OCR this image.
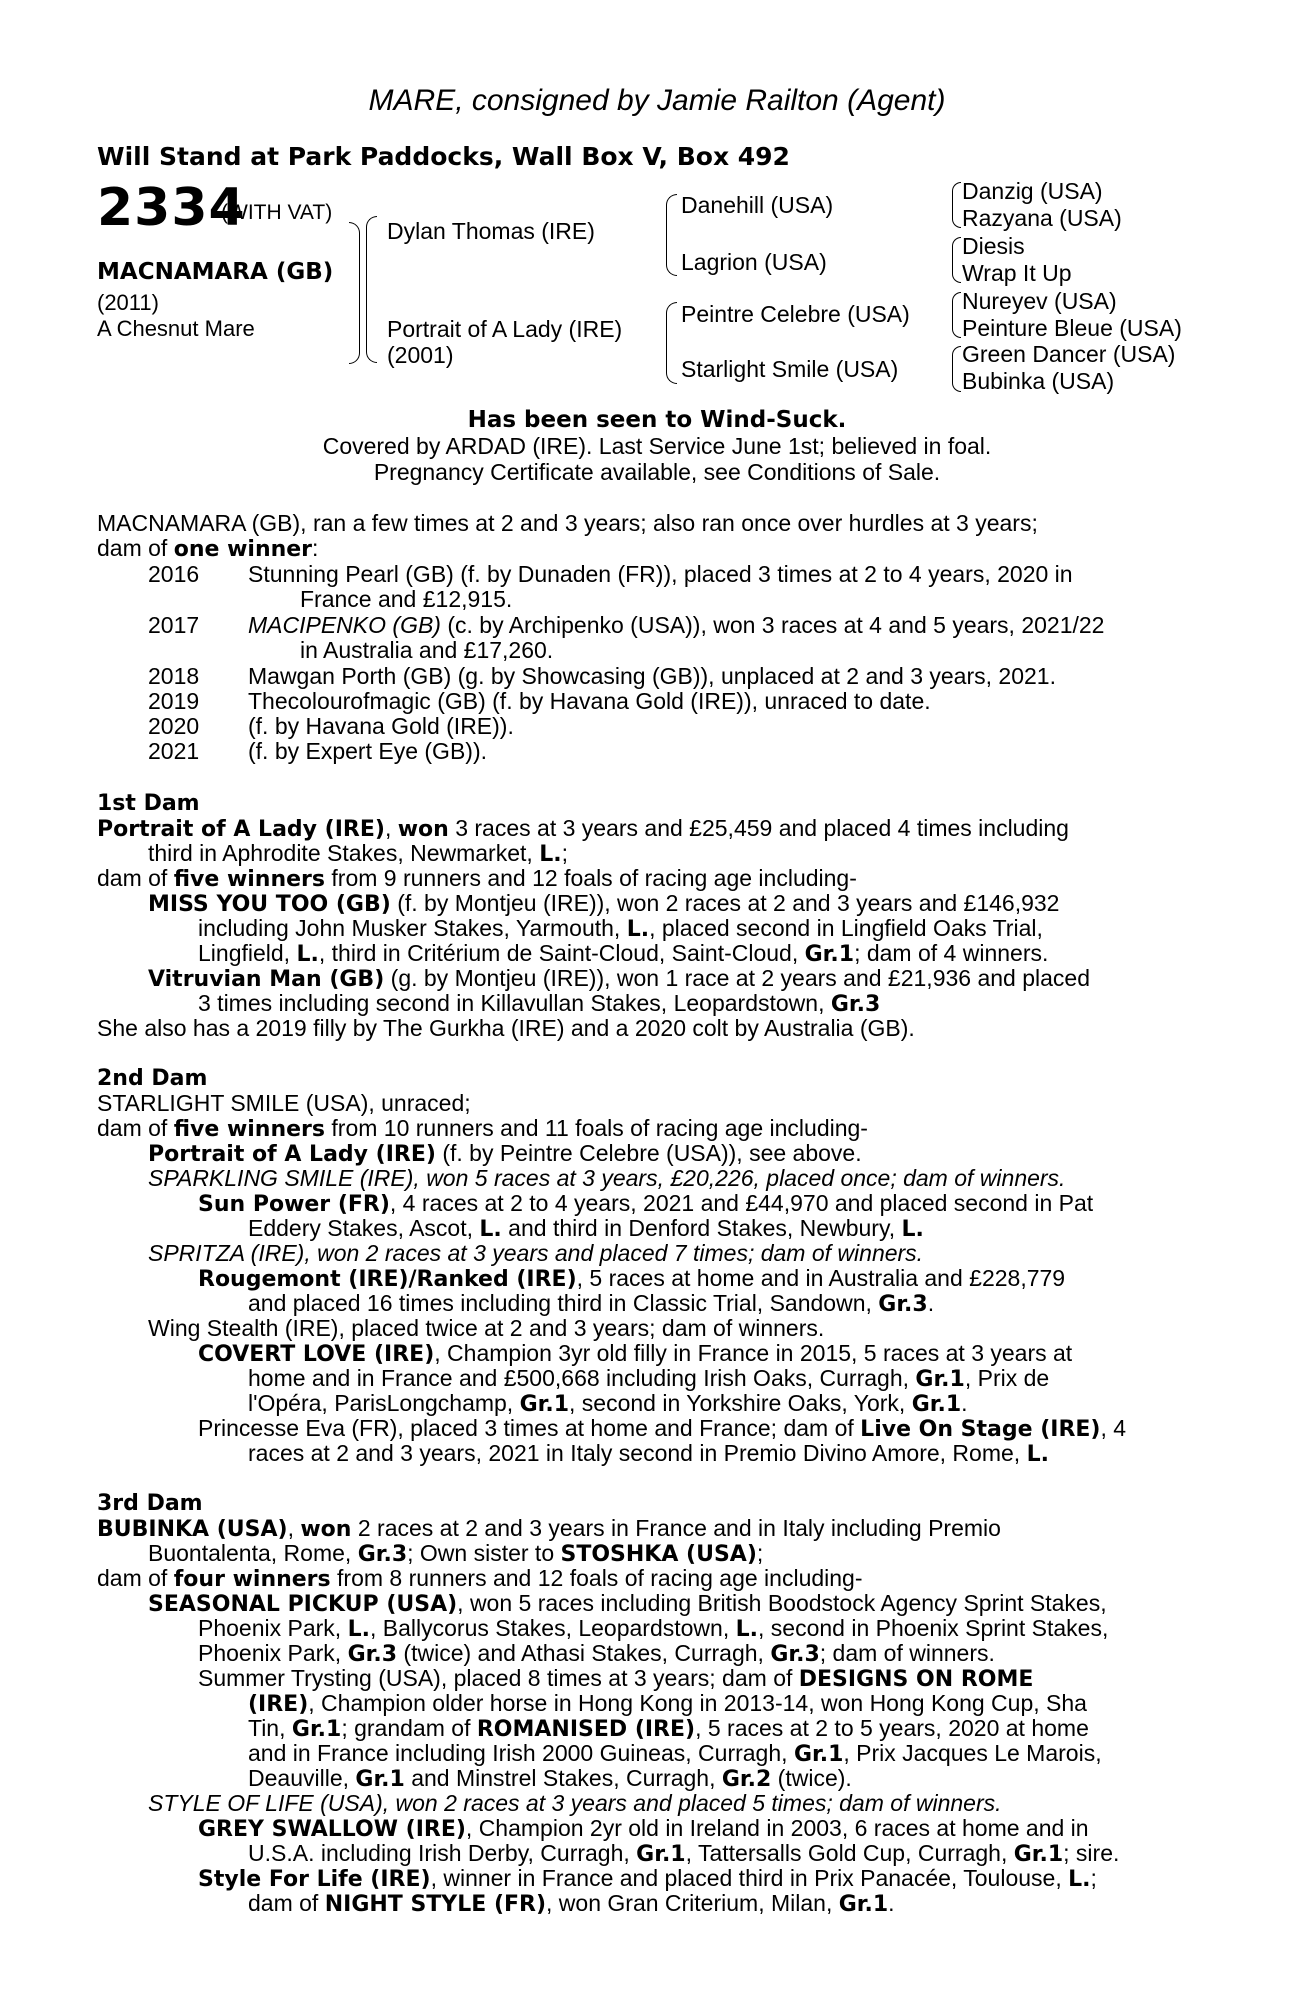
MARE, consigned by Jamie Railton (Agent)
Will Stand at Park Paddocks, Wall Box V, Box 492
2334
(WITH VAT)
MACNAMARA (GB)
(2011)
A Chesnut Mare
Dylan Thomas (IRE)
Portrait of A Lady (IRE)
(2001)
Danehill (USA)
Lagrion (USA)
Peintre Celebre (USA)
Starlight Smile (USA)
Danzig (USA)
Razyana (USA)
Diesis
Wrap It Up
Nureyev (USA)
Peinture Bleue (USA)
Green Dancer (USA)
Bubinka (USA)
Has been seen to Wind-Suck.
Covered by ARDAD (IRE). Last Service June 1st; believed in foal.
Pregnancy Certificate available, see Conditions of Sale.
MACNAMARA (GB), ran a few times at 2 and 3 years; also ran once over hurdles at 3 years;
dam of one winner:
2016 Stunning Pearl (GB) (f. by Dunaden (FR)), placed 3 times at 2 to 4 years, 2020 in
France and £12,915.
2017 MACIPENKO (GB) (c. by Archipenko (USA)), won 3 races at 4 and 5 years, 2021/22
in Australia and £17,260.
2018 Mawgan Porth (GB) (g. by Showcasing (GB)), unplaced at 2 and 3 years, 2021.
2019 Thecolourofmagic (GB) (f. by Havana Gold (IRE)), unraced to date.
2020 (f. by Havana Gold (IRE)).
2021 (f. by Expert Eye (GB)).
1st Dam
Portrait of A Lady (IRE), won 3 races at 3 years and £25,459 and placed 4 times including
third in Aphrodite Stakes, Newmarket, L.;
dam of five winners from 9 runners and 12 foals of racing age including-
MISS YOU TOO (GB) (f. by Montjeu (IRE)), won 2 races at 2 and 3 years and £146,932
including John Musker Stakes, Yarmouth, L., placed second in Lingfield Oaks Trial,
Lingfield, L., third in Critérium de Saint-Cloud, Saint-Cloud, Gr.1; dam of 4 winners.
Vitruvian Man (GB) (g. by Montjeu (IRE)), won 1 race at 2 years and £21,936 and placed
3 times including second in Killavullan Stakes, Leopardstown, Gr.3
She also has a 2019 filly by The Gurkha (IRE) and a 2020 colt by Australia (GB).
2nd Dam
STARLIGHT SMILE (USA), unraced;
dam of five winners from 10 runners and 11 foals of racing age including-
Portrait of A Lady (IRE) (f. by Peintre Celebre (USA)), see above.
SPARKLING SMILE (IRE), won 5 races at 3 years, £20,226, placed once; dam of winners.
Sun Power (FR), 4 races at 2 to 4 years, 2021 and £44,970 and placed second in Pat
Eddery Stakes, Ascot, L. and third in Denford Stakes, Newbury, L.
SPRITZA (IRE), won 2 races at 3 years and placed 7 times; dam of winners.
Rougemont (IRE)/Ranked (IRE), 5 races at home and in Australia and £228,779
and placed 16 times including third in Classic Trial, Sandown, Gr.3.
Wing Stealth (IRE), placed twice at 2 and 3 years; dam of winners.
COVERT LOVE (IRE), Champion 3yr old filly in France in 2015, 5 races at 3 years at
home and in France and £500,668 including Irish Oaks, Curragh, Gr.1, Prix de
l'Opéra, ParisLongchamp, Gr.1, second in Yorkshire Oaks, York, Gr.1.
Princesse Eva (FR), placed 3 times at home and France; dam of Live On Stage (IRE), 4
races at 2 and 3 years, 2021 in Italy second in Premio Divino Amore, Rome, L.
3rd Dam
BUBINKA (USA), won 2 races at 2 and 3 years in France and in Italy including Premio
Buontalenta, Rome, Gr.3; Own sister to STOSHKA (USA);
dam of four winners from 8 runners and 12 foals of racing age including-
SEASONAL PICKUP (USA), won 5 races including British Boodstock Agency Sprint Stakes,
Phoenix Park, L., Ballycorus Stakes, Leopardstown, L., second in Phoenix Sprint Stakes,
Phoenix Park, Gr.3 (twice) and Athasi Stakes, Curragh, Gr.3; dam of winners.
Summer Trysting (USA), placed 8 times at 3 years; dam of DESIGNS ON ROME
(IRE), Champion older horse in Hong Kong in 2013-14, won Hong Kong Cup, Sha
Tin, Gr.1; grandam of ROMANISED (IRE), 5 races at 2 to 5 years, 2020 at home
and in France including Irish 2000 Guineas, Curragh, Gr.1, Prix Jacques Le Marois,
Deauville, Gr.1 and Minstrel Stakes, Curragh, Gr.2 (twice).
STYLE OF LIFE (USA), won 2 races at 3 years and placed 5 times; dam of winners.
GREY SWALLOW (IRE), Champion 2yr old in Ireland in 2003, 6 races at home and in
U.S.A. including Irish Derby, Curragh, Gr.1, Tattersalls Gold Cup, Curragh, Gr.1; sire.
Style For Life (IRE), winner in France and placed third in Prix Panacée, Toulouse, L.;
dam of NIGHT STYLE (FR), won Gran Criterium, Milan, Gr.1.
